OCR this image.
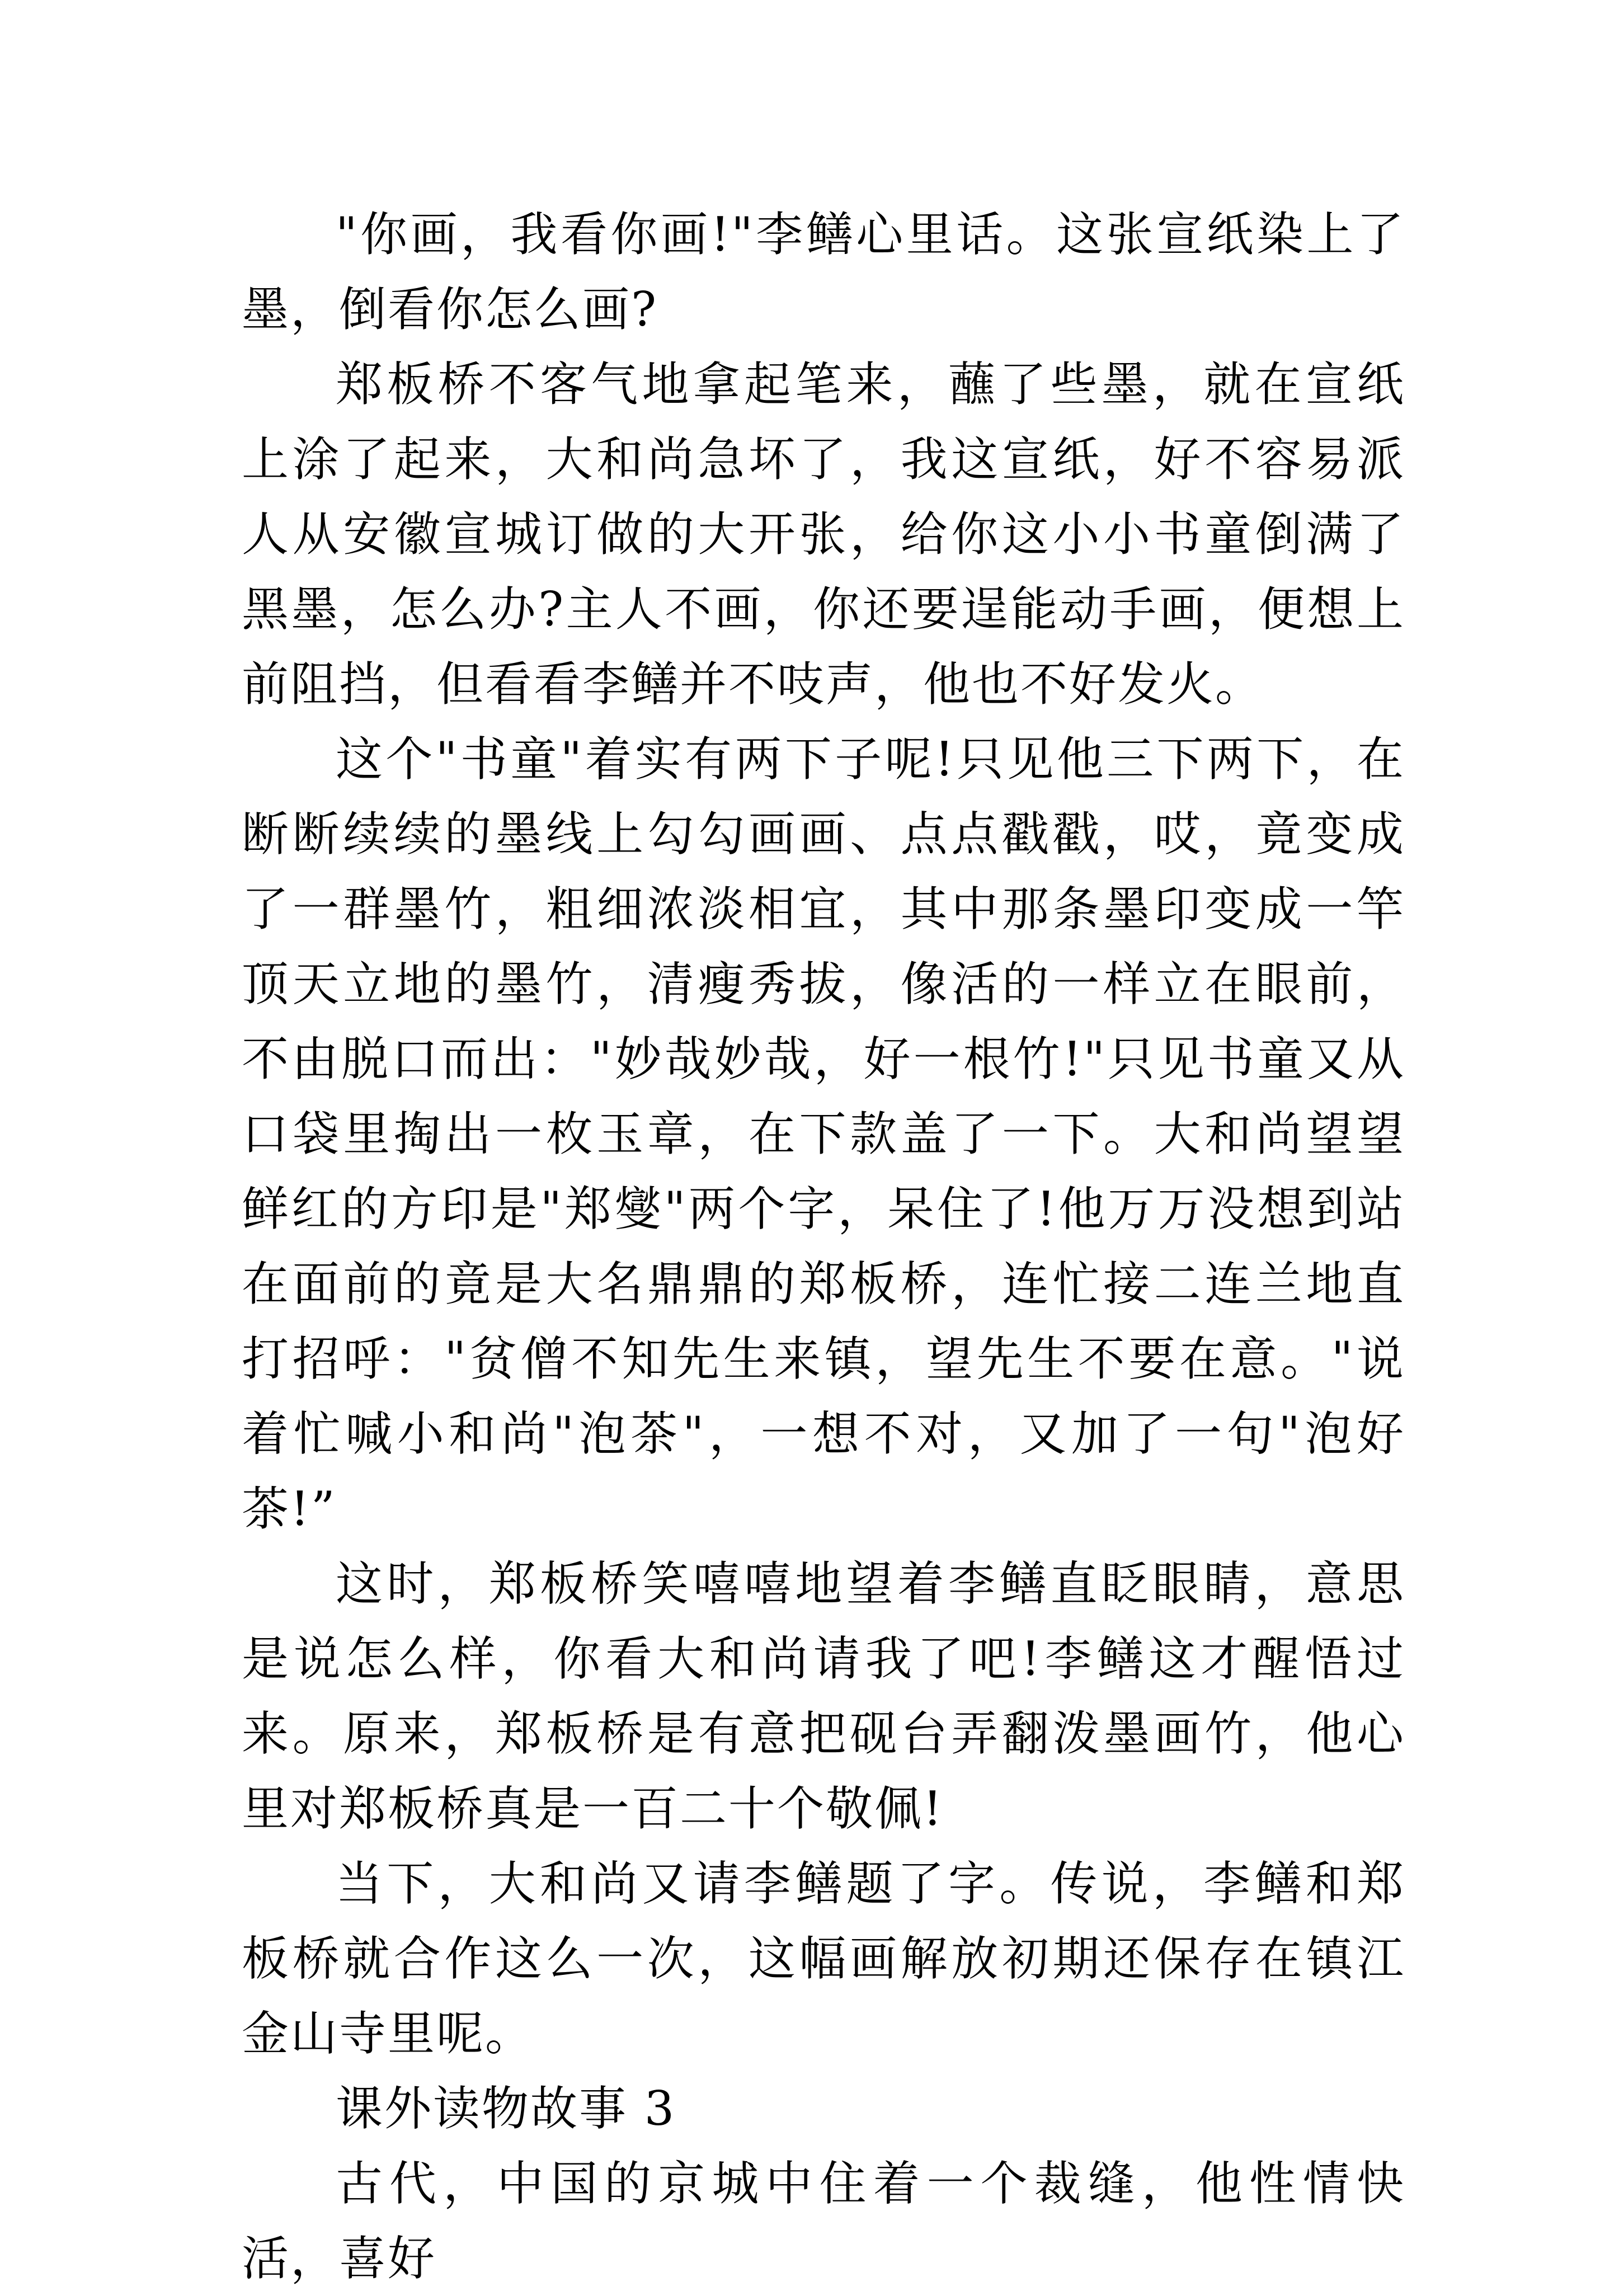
"你画，我看你画!"李鳝心里话。这张宣纸染上了墨，倒看你怎么画?

郑板桥不客气地拿起笔来，蘸了些墨，就在宣纸上涂了起来，大和尚急坏了，我这宣纸，好不容易派人从安徽宣城订做的大开张，给你这小小书童倒满了黑墨，怎么办?主人不画，你还要逞能动手画，便想上前阻挡，但看看李鳝并不吱声，他也不好发火。

这个"书童"着实有两下子呢!只见他三下两下，在断断续续的墨线上勾勾画画、点点戳戳，哎，竟变成了一群墨竹，粗细浓淡相宜，其中那条墨印变成一竿顶天立地的墨竹，清瘦秀拔，像活的一样立在眼前，不由脱口而出："妙哉妙哉，好一根竹!"只见书童又从口袋里掏出一枚玉章，在下款盖了一下。大和尚望望鲜红的方印是"郑燮"两个字，呆住了!他万万没想到站在面前的竟是大名鼎鼎的郑板桥，连忙接二连兰地直打招呼："贫僧不知先生来镇，望先生不要在意。"说着忙喊小和尚"泡茶"，一想不对，又加了一句"泡好茶!”

这时，郑板桥笑嘻嘻地望着李鳝直眨眼睛，意思是说怎么样，你看大和尚请我了吧!李鳝这才醒悟过来。原来，郑板桥是有意把砚台弄翻泼墨画竹，他心里对郑板桥真是一百二十个敬佩!

当下，大和尚又请李鳝题了字。传说，李鳝和郑板桥就合作这么一次，这幅画解放初期还保存在镇江金山寺里呢。

课外读物故事 3

古代，中国的京城中住着一个裁缝，他性情快活，喜好
